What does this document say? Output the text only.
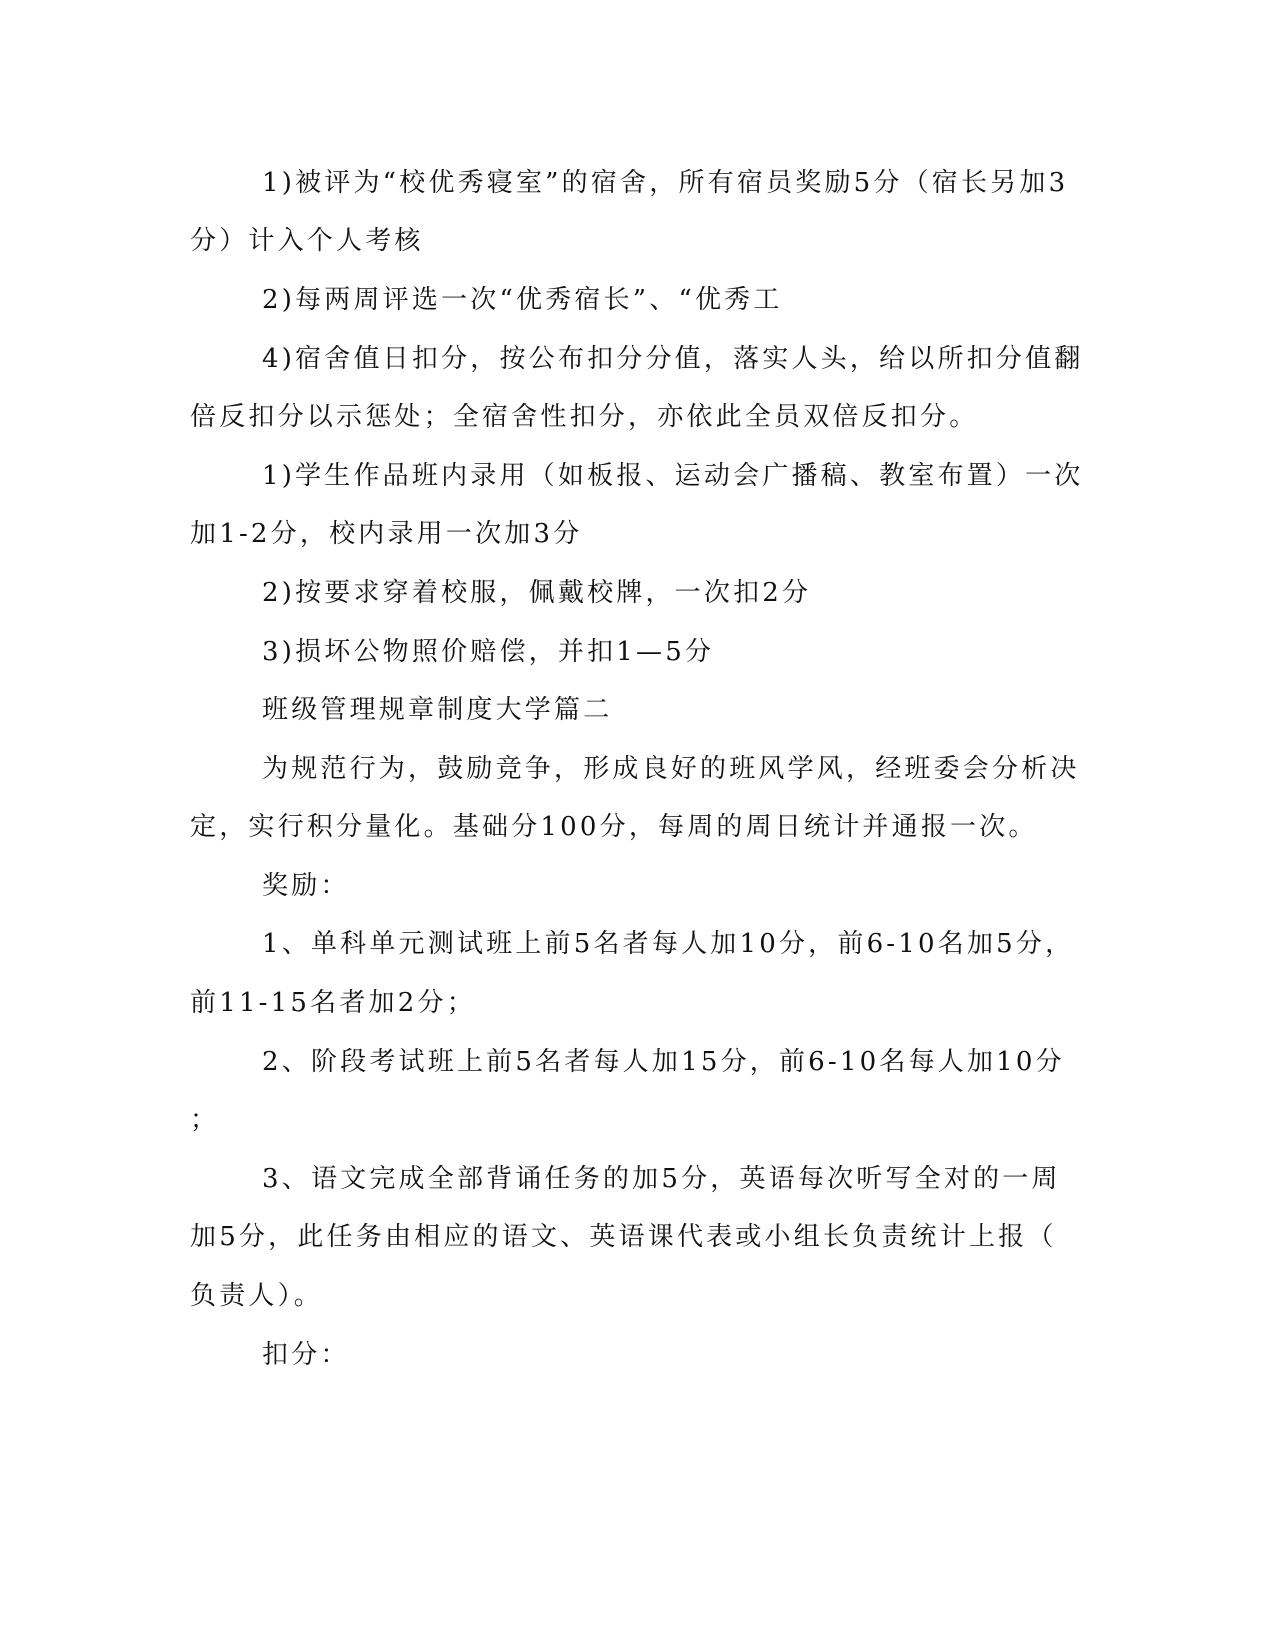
1)被评为“校优秀寝室”的宿舍，所有宿员奖励5分（宿长另加3
分）计入个人考核
2)每两周评选一次“优秀宿长”、“优秀工
4)宿舍值日扣分，按公布扣分分值，落实人头，给以所扣分值翻
倍反扣分以示惩处；全宿舍性扣分，亦依此全员双倍反扣分。
1)学生作品班内录用（如板报、运动会广播稿、教室布置）一次
加1-2分，校内录用一次加3分
2)按要求穿着校服，佩戴校牌，一次扣2分
3)损坏公物照价赔偿，并扣1—5分
班级管理规章制度大学篇二
为规范行为，鼓励竞争，形成良好的班风学风，经班委会分析决
定，实行积分量化。基础分100分，每周的周日统计并通报一次。
奖励：
1、单科单元测试班上前5名者每人加10分，前6-10名加5分，
前11-15名者加2分；
2、阶段考试班上前5名者每人加15分，前6-10名每人加10分
；
3、语文完成全部背诵任务的加5分，英语每次听写全对的一周
加5分，此任务由相应的语文、英语课代表或小组长负责统计上报（
负责人）。
扣分：
